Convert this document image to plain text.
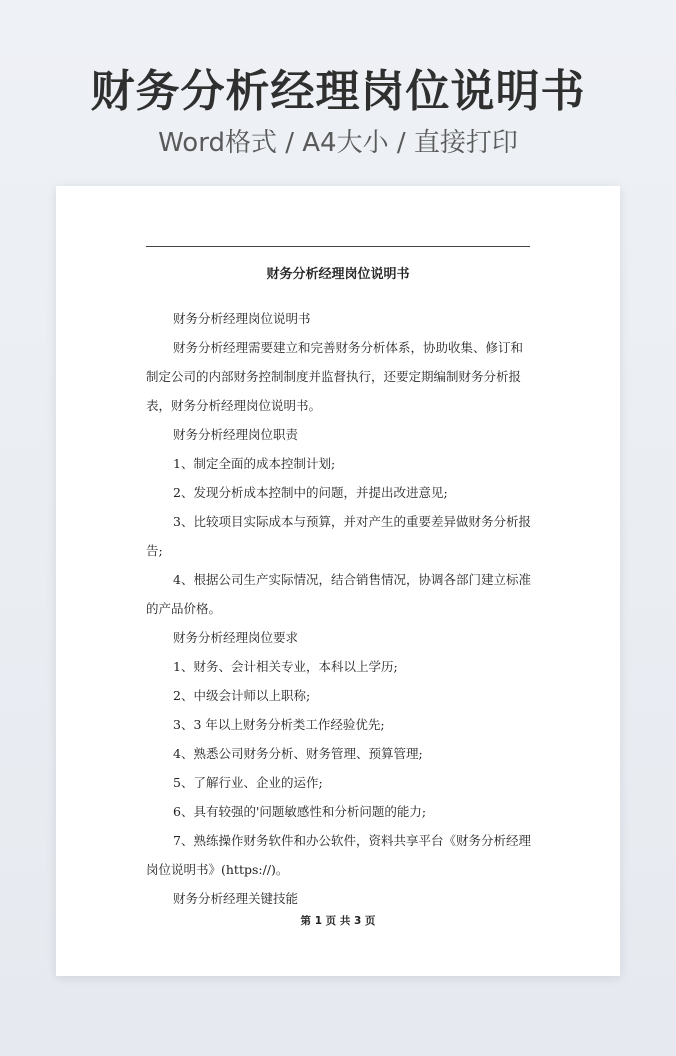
财务分析经理岗位说明书
Word格式 / A4大小 / 直接打印
财务分析经理岗位说明书

财务分析经理岗位说明书

财务分析经理需要建立和完善财务分析体系，协助收集、修订和制定公司的内部财务控制制度并监督执行，还要定期编制财务分析报表，财务分析经理岗位说明书。

财务分析经理岗位职责

1、制定全面的成本控制计划;

2、发现分析成本控制中的问题，并提出改进意见;

3、比较项目实际成本与预算，并对产生的重要差异做财务分析报告;

4、根据公司生产实际情况，结合销售情况，协调各部门建立标准的产品价格。

财务分析经理岗位要求

1、财务、会计相关专业，本科以上学历;

2、中级会计师以上职称;

3、3 年以上财务分析类工作经验优先;

4、熟悉公司财务分析、财务管理、预算管理;

5、了解行业、企业的运作;

6、具有较强的'问题敏感性和分析问题的能力;

7、熟练操作财务软件和办公软件，资料共享平台《财务分析经理岗位说明书》(https://)。

财务分析经理关键技能

第 1 页 共 3 页
